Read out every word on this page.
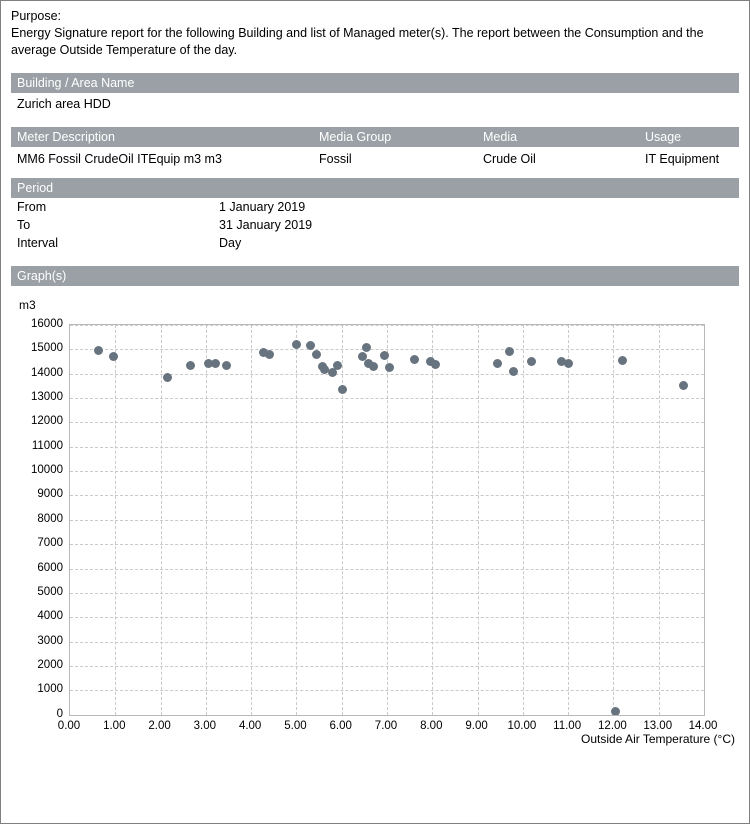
Purpose:
Energy Signature report for the following Building and list of Managed meter(s). The report between the Consumption and the average Outside Temperature of the day.
Building / Area Name
Zurich area HDD
Meter Description	Media Group	Media	Usage
MM6 Fossil CrudeOil ITEquip m3 m3	Fossil	Crude Oil	IT Equipment
Period
From	1 January 2019
To	31 January 2019
Interval	Day
Graph(s)
m3
0
1000
2000
3000
4000
5000
6000
7000
8000
9000
10000
11000
12000
13000
14000
15000
16000
0.00 1.00 2.00 3.00 4.00 5.00 6.00 7.00 8.00 9.00 10.00 11.00 12.00 13.00 14.00
Outside Air Temperature (°C)
